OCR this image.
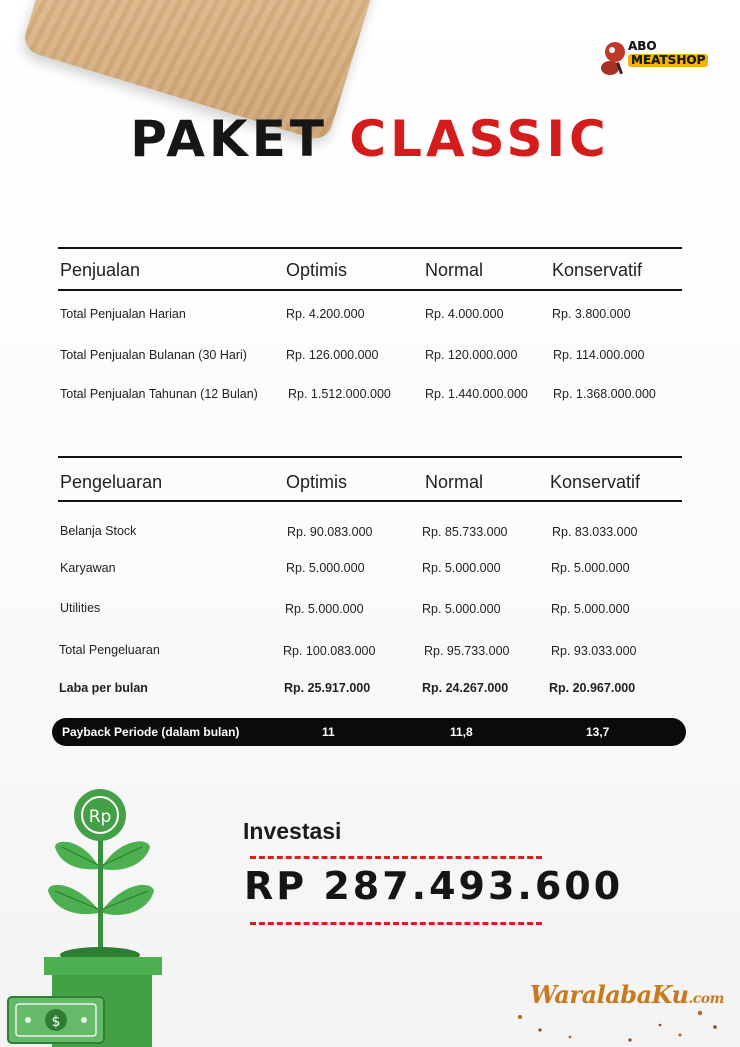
ABO
MEATSHOP
PAKET CLASSIC
Penjualan	Optimis	Normal	Konservatif
Total Penjualan Harian	Rp. 4.200.000	Rp. 4.000.000	Rp. 3.800.000
Total Penjualan Bulanan (30 Hari)	Rp. 126.000.000	Rp. 120.000.000	Rp. 114.000.000
Total Penjualan Tahunan (12 Bulan) Rp. 1.512.000.000	Rp. 1.440.000.000 Rp. 1.368.000.000
Pengeluaran	Optimis	Normal	Konservatif
Belanja Stock	Rp. 90.083.000	Rp. 85.733.000	Rp. 83.033.000
Karyawan	Rp. 5.000.000	Rp. 5.000.000	Rp. 5.000.000
Utilities	Rp. 5.000.000	Rp. 5.000.000	Rp. 5.000.000
Total Pengeluaran	Rp. 100.083.000	Rp. 95.733.000	Rp. 93.033.000
Laba per bulan	Rp. 25.917.000	Rp. 24.267.000	Rp. 20.967.000
Payback Periode (dalam bulan)	11	11,8	13,7
Rp
$
Investasi
RP 287.493.600
WaralabaKu.com
